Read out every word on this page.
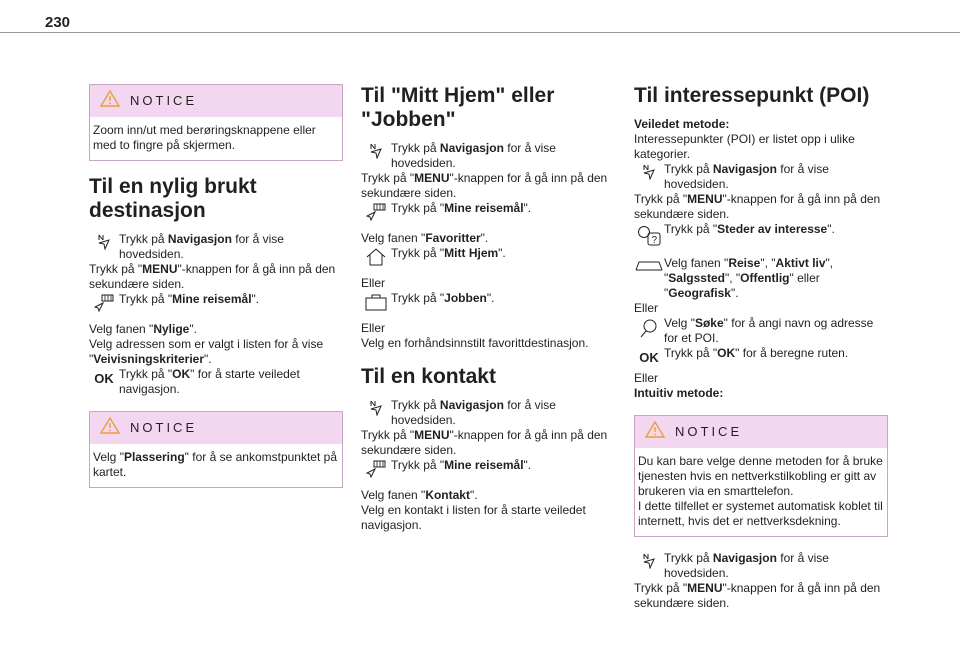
230
NOTICE

Zoom inn/ut med berøringsknappene eller med to fingre på skjermen.

Til en nylig brukt destinasjon

Trykk på Navigasjon for å vise hovedsiden.

Trykk på "MENU"-knappen for å gå inn på den sekundære siden.

Trykk på "Mine reisemål".

Velg fanen "Nylige".

Velg adressen som er valgt i listen for å vise "Veivisningskriterier".

OK Trykk på "OK" for å starte veiledet navigasjon.

NOTICE

Velg "Plassering" for å se ankomstpunktet på kartet.

Til "Mitt Hjem" eller "Jobben"

Trykk på Navigasjon for å vise hovedsiden.

Trykk på "MENU"-knappen for å gå inn på den sekundære siden.

Trykk på "Mine reisemål".

Velg fanen "Favoritter".

Trykk på "Mitt Hjem".

Eller

Trykk på "Jobben".

Eller

Velg en forhåndsinnstilt favorittdestinasjon.

Til en kontakt

Trykk på Navigasjon for å vise hovedsiden.

Trykk på "MENU"-knappen for å gå inn på den sekundære siden.

Trykk på "Mine reisemål".

Velg fanen "Kontakt".

Velg en kontakt i listen for å starte veiledet navigasjon.

Til interessepunkt (POI)

Veiledet metode:

Interessepunkter (POI) er listet opp i ulike kategorier.

Trykk på Navigasjon for å vise hovedsiden.

Trykk på "MENU"-knappen for å gå inn på den sekundære siden.

?

Trykk på "Steder av interesse".

Velg fanen "Reise", "Aktivt liv", "Salgssted", "Offentlig" eller "Geografisk".

Eller

Velg "Søke" for å angi navn og adresse for et POI.

OK Trykk på "OK" for å beregne ruten.

Eller

Intuitiv metode:

NOTICE

Du kan bare velge denne metoden for å bruke tjenesten hvis en nettverkstilkobling er gitt av brukeren via en smarttelefon.

I dette tilfellet er systemet automatisk koblet til internett, hvis det er nettverksdekning.

Trykk på Navigasjon for å vise hovedsiden.

Trykk på "MENU"-knappen for å gå inn på den sekundære siden.
